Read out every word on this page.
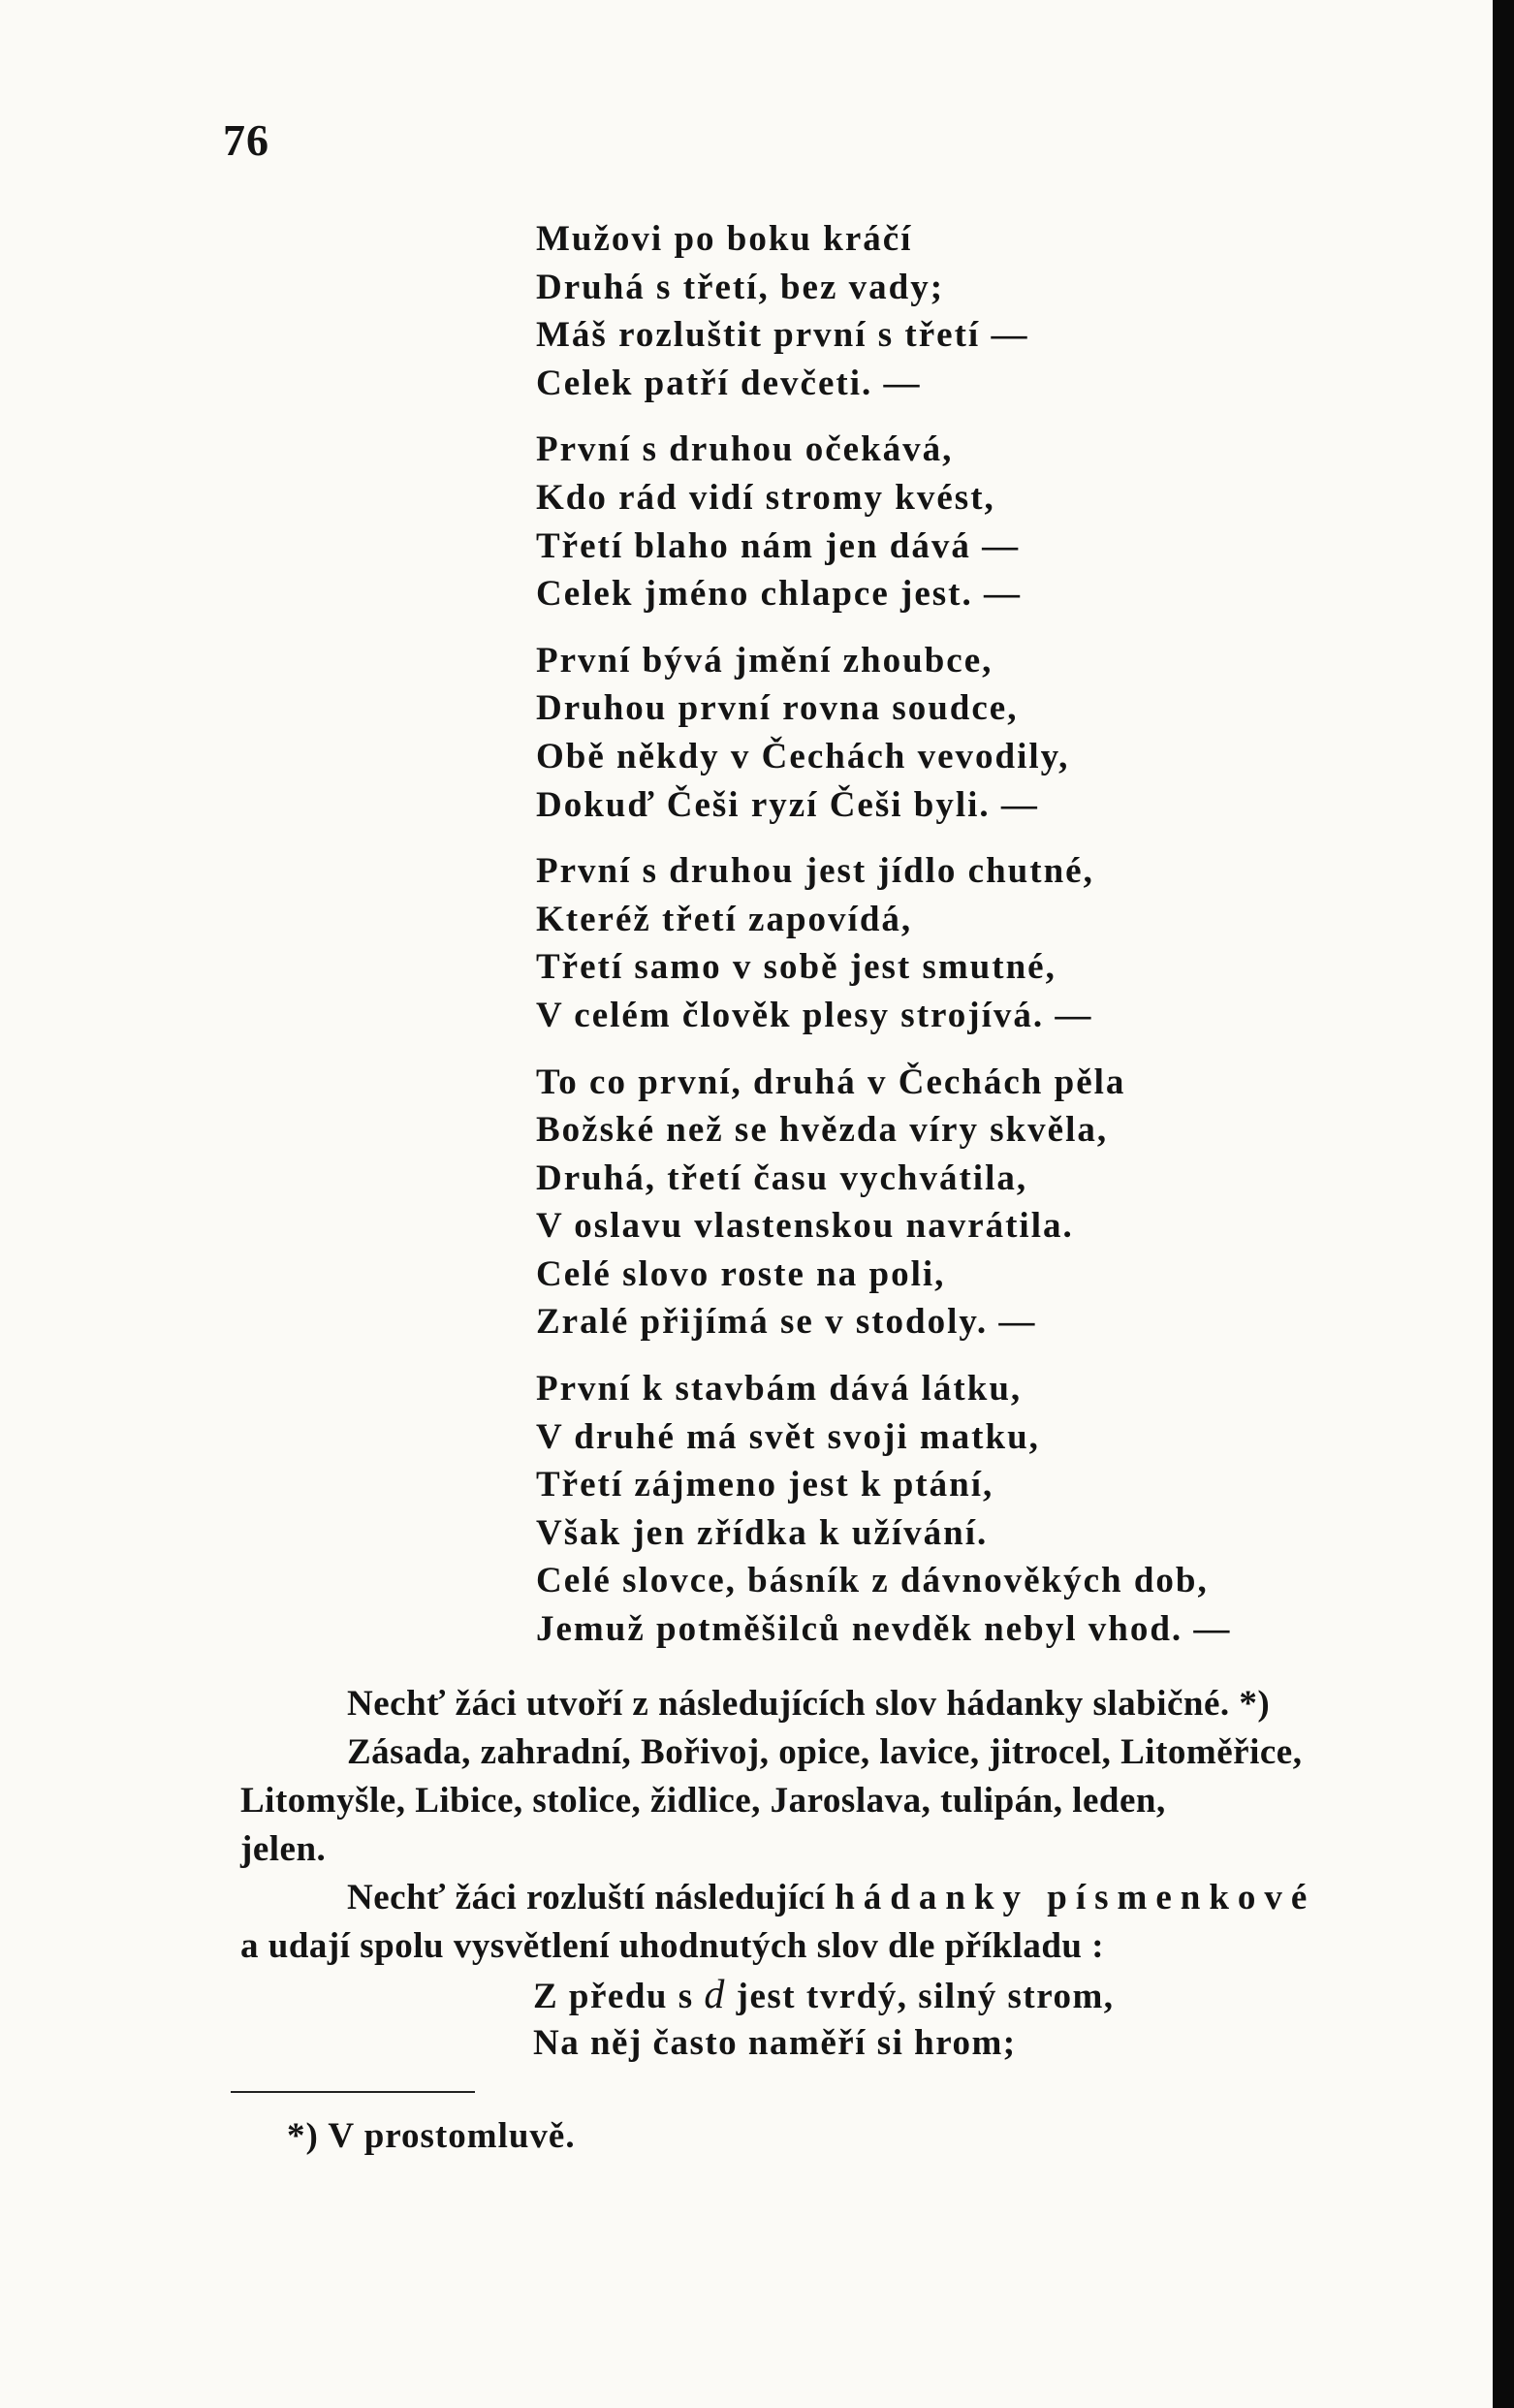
76
Mužovi po boku kráčí
Druhá s třetí, bez vady;
Máš rozluštit první s třetí —
Celek patří devčeti. —
První s druhou očekává,
Kdo rád vidí stromy kvést,
Třetí blaho nám jen dává —
Celek jméno chlapce jest. —
První bývá jmění zhoubce,
Druhou první rovna soudce,
Obě někdy v Čechách vevodily,
Dokuď Češi ryzí Češi byli. —
První s druhou jest jídlo chutné,
Kteréž třetí zapovídá,
Třetí samo v sobě jest smutné,
V celém člověk plesy strojívá. —
To co první, druhá v Čechách pěla
Božské než se hvězda víry skvěla,
Druhá, třetí času vychvátila,
V oslavu vlastenskou navrátila.
Celé slovo roste na poli,
Zralé přijímá se v stodoly. —
První k stavbám dává látku,
V druhé má svět svoji matku,
Třetí zájmeno jest k ptání,
Však jen zřídka k užívání.
Celé slovce, básník z dávnověkých dob,
Jemuž potměšilců nevděk nebyl vhod. —
Nechť žáci utvoří z následujících slov hádanky slabičné. *)
Zásada, zahradní, Bořivoj, opice, lavice, jitrocel, Litoměřice,
Litomyšle, Libice, stolice, židlice, Jaroslava, tulipán, leden,
jelen.
Nechť žáci rozluští následující hádanky písmenkové
a udají spolu vysvětlení uhodnutých slov dle příkladu :
Z předu s d jest tvrdý, silný strom,
Na něj často naměří si hrom;
*) V prostomluvě.
